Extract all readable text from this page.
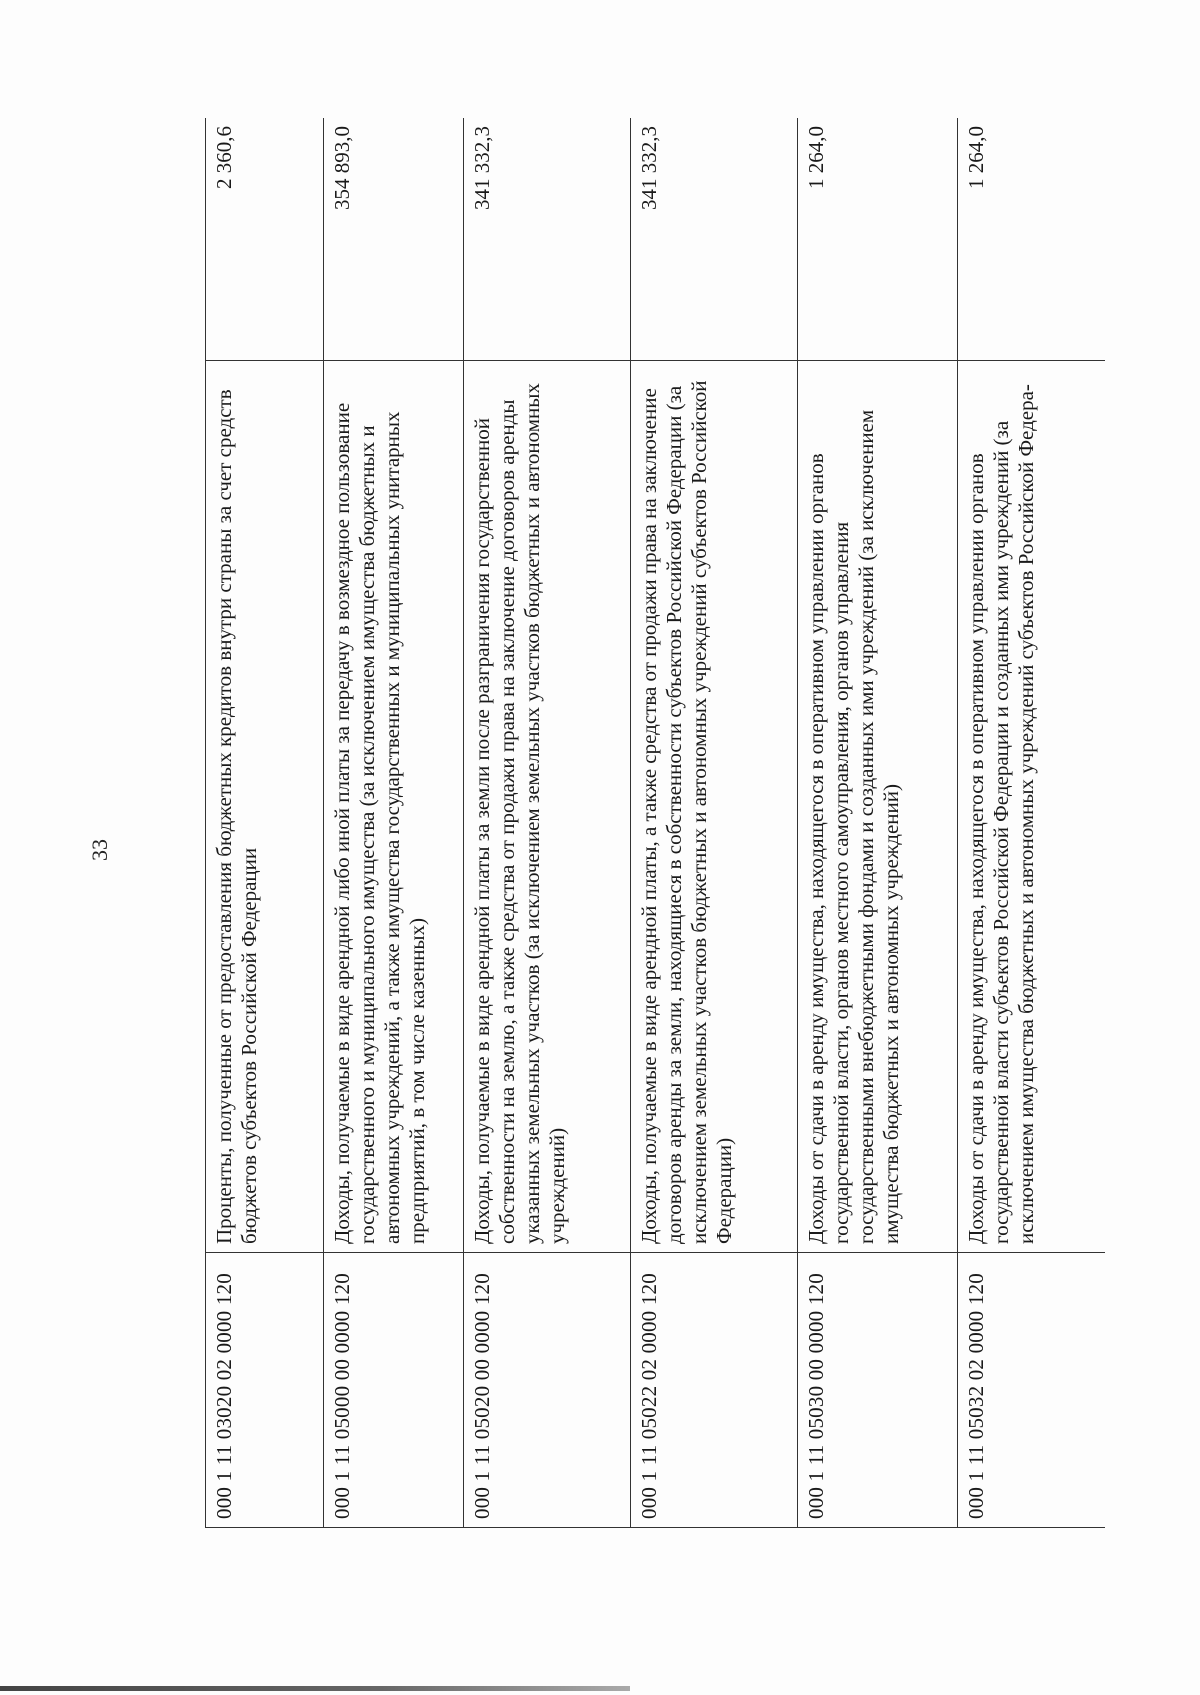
33
000 1 11 03020 02 0000 120	Проценты, полученные от предоставления бюджетных кредитов внутри страны за счет средств бюджетов субъектов Российской Федерации	2 360,6
000 1 11 05000 00 0000 120	Доходы, получаемые в виде арендной либо иной платы за передачу в возмездное пользование государственного и муниципального имущества (за исключением имущества бюджетных и автономных учреждений, а также имущества государственных и муниципальных унитарных предприятий, в том числе казенных)	354 893,0
000 1 11 05020 00 0000 120	Доходы, получаемые в виде арендной платы за земли после разграничения государственной собственности на землю, а также средства от продажи права на заключение договоров аренды указанных земельных участков (за исключением земельных участков бюджетных и автономных учреждений)	341 332,3
000 1 11 05022 02 0000 120	Доходы, получаемые в виде арендной платы, а также средства от продажи права на заключение договоров аренды за земли, находящиеся в собственности субъектов Российской Федерации (за исключением земельных участков бюджетных и автономных учреждений субъектов Российской Федерации)	341 332,3
000 1 11 05030 00 0000 120	Доходы от сдачи в аренду имущества, находящегося в оперативном управлении органов государственной власти, органов местного самоуправления, органов управления государственными внебюджетными фондами и созданных ими учреждений (за исключением имущества бюджетных и автономных учреждений)	1 264,0
000 1 11 05032 02 0000 120	Доходы от сдачи в аренду имущества, находящегося в оперативном управлении органов государственной власти субъектов Российской Федерации и созданных ими учреждений (за исключением имущества бюджетных и автономных учреждений субъектов Российской Федера-	1 264,0
